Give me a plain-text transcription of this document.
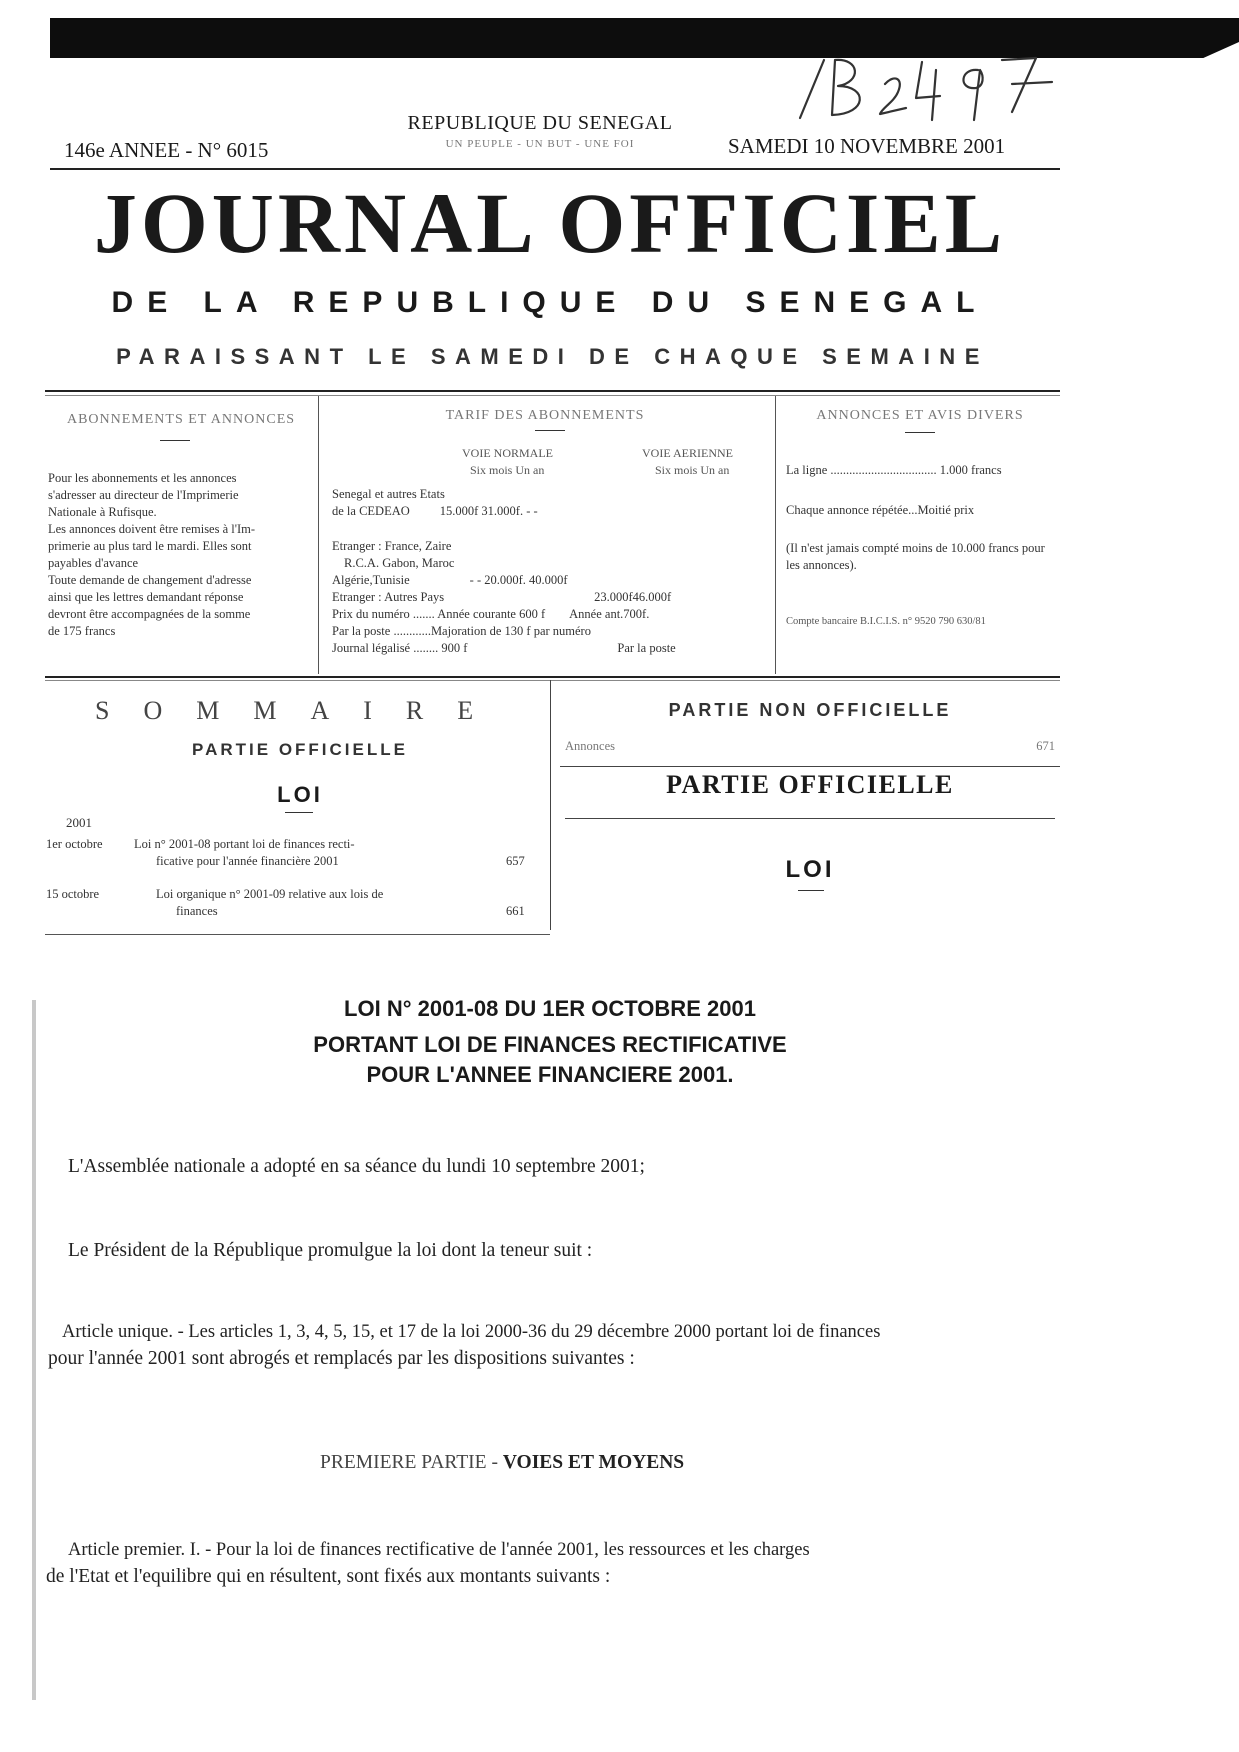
REPUBLIQUE DU SENEGAL
UN PEUPLE - UN BUT - UNE FOI
146e ANNEE - N° 6015	SAMEDI 10 NOVEMBRE 2001
JOURNAL OFFICIEL
DE LA REPUBLIQUE DU SENEGAL
PARAISSANT LE SAMEDI DE CHAQUE SEMAINE
ABONNEMENTS ET ANNONCES
Pour les abonnements et les annonces
s'adresser au directeur de l'Imprimerie
Nationale à Rufisque.
Les annonces doivent être remises à l'Im-
primerie au plus tard le mardi. Elles sont
payables d'avance
Toute demande de changement d'adresse
ainsi que les lettres demandant réponse
devront être accompagnées de la somme
de 175 francs
TARIF DES ABONNEMENTS
VOIE NORMALE	VOIE AERIENNE
Six mois Un an	Six mois Un an
Senegal et autres Etats
de la CEDEAO 15.000f 31.000f. - -
Etranger : France, Zaire
R.C.A. Gabon, Maroc
Algérie,Tunisie	- - 20.000f. 40.000f
Etranger : Autres Pays	23.000f46.000f
Prix du numéro ....... Année courante 600 f Année ant.700f.
Par la poste ............Majoration de 130 f par numéro
Journal légalisé ........ 900 f	Par la poste
ANNONCES ET AVIS DIVERS
La ligne .................................. 1.000 francs
Chaque annonce répétée...Moitié prix
(Il n'est jamais compté moins de 10.000 francs pour les annonces).
Compte bancaire B.I.C.I.S. n° 9520 790 630/81
SOMMAIRE
PARTIE OFFICIELLE
LOI
2001
1er octobre	Loi n° 2001-08 portant loi de finances recti-
ficative pour l'année financière 2001	657
15 octobre	Loi organique n° 2001-09 relative aux lois de
finances	661
PARTIE NON OFFICIELLE
Annonces	671
PARTIE OFFICIELLE
LOI
LOI N° 2001-08 DU 1ER OCTOBRE 2001
PORTANT LOI DE FINANCES RECTIFICATIVE
POUR L'ANNEE FINANCIERE 2001.
L'Assemblée nationale a adopté en sa séance du lundi 10 septembre 2001;
Le Président de la République promulgue la loi dont la teneur suit :
Article unique. - Les articles 1, 3, 4, 5, 15, et 17 de la loi 2000-36 du 29 décembre 2000 portant loi de finances
pour l'année 2001 sont abrogés et remplacés par les dispositions suivantes :
PREMIERE PARTIE - VOIES ET MOYENS
Article premier. I. - Pour la loi de finances rectificative de l'année 2001, les ressources et les charges
de l'Etat et l'equilibre qui en résultent, sont fixés aux montants suivants :
